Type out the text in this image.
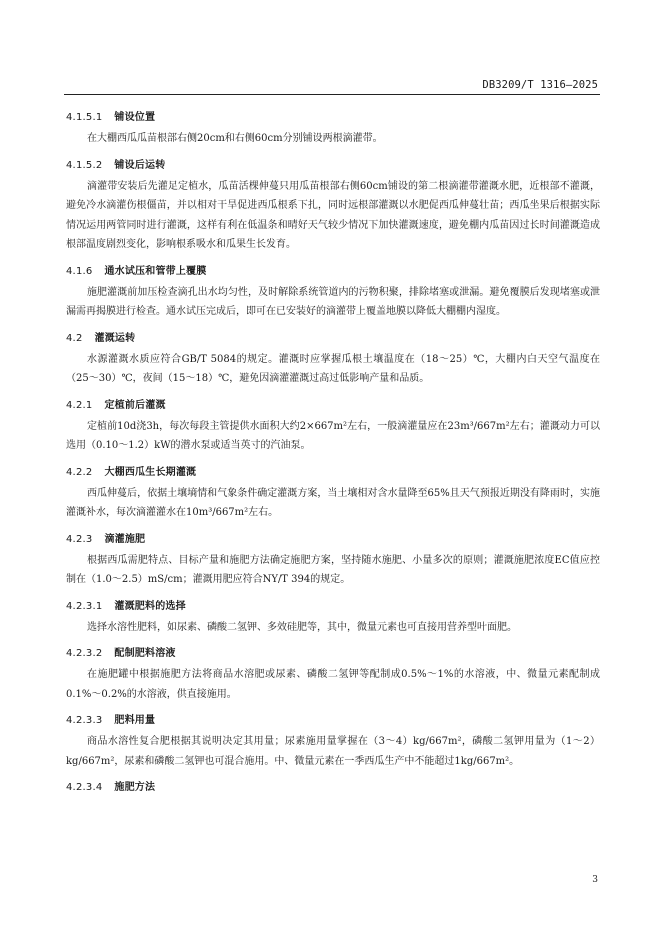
DB3209/T 1316—2025
4.1.5.1 铺设位置

在大棚西瓜瓜苗根部右侧20cm和右侧60cm分别铺设两根滴灌带。

4.1.5.2 铺设后运转

滴灌带安装后先灌足定植水，瓜苗活棵伸蔓只用瓜苗根部右侧60cm铺设的第二根滴灌带灌溉水肥，近根部不灌溉，避免冷水滴灌伤根僵苗，并以相对干旱促进西瓜根系下扎，同时远根部灌溉以水肥促西瓜伸蔓壮苗；西瓜坐果后根据实际情况运用两管同时进行灌溉，这样有利在低温条和晴好天气较少情况下加快灌溉速度，避免棚内瓜苗因过长时间灌溉造成根部温度剧烈变化，影响根系吸水和瓜果生长发育。

4.1.6 通水试压和管带上覆膜

施肥灌溉前加压检查滴孔出水均匀性，及时解除系统管道内的污物积聚，排除堵塞或泄漏。避免覆膜后发现堵塞或泄漏需再揭膜进行检查。通水试压完成后，即可在已安装好的滴灌带上覆盖地膜以降低大棚棚内湿度。

4.2 灌溉运转

水源灌溉水质应符合GB/T 5084的规定。灌溉时应掌握瓜根土壤温度在（18～25）℃，大棚内白天空气温度在（25～30）℃，夜间（15～18）℃，避免因滴灌灌溉过高过低影响产量和品质。

4.2.1 定植前后灌溉

定植前10d浇3h，每次每段主管提供水面积大约2×667m²左右，一般滴灌量应在23m³/667m²左右；灌溉动力可以选用（0.10～1.2）kW的潜水泵或适当英寸的汽油泵。

4.2.2 大棚西瓜生长期灌溉

西瓜伸蔓后，依据土壤墒情和气象条件确定灌溉方案，当土壤相对含水量降至65%且天气预报近期没有降雨时，实施灌溉补水，每次滴灌灌水在10m³/667m²左右。

4.2.3 滴灌施肥

根据西瓜需肥特点、目标产量和施肥方法确定施肥方案，坚持随水施肥、小量多次的原则；灌溉施肥浓度EC值应控制在（1.0～2.5）mS/cm；灌溉用肥应符合NY/T 394的规定。

4.2.3.1 灌溉肥料的选择

选择水溶性肥料，如尿素、磷酸二氢钾、多效硅肥等，其中，微量元素也可直接用营养型叶面肥。

4.2.3.2 配制肥料溶液

在施肥罐中根据施肥方法将商品水溶肥或尿素、磷酸二氢钾等配制成0.5%～1%的水溶液，中、微量元素配制成0.1%～0.2%的水溶液，供直接施用。

4.2.3.3 肥料用量

商品水溶性复合肥根据其说明决定其用量；尿素施用量掌握在（3～4）kg/667m²，磷酸二氢钾用量为（1～2）kg/667m²，尿素和磷酸二氢钾也可混合施用。中、微量元素在一季西瓜生产中不能超过1kg/667m²。

4.2.3.4 施肥方法
3
